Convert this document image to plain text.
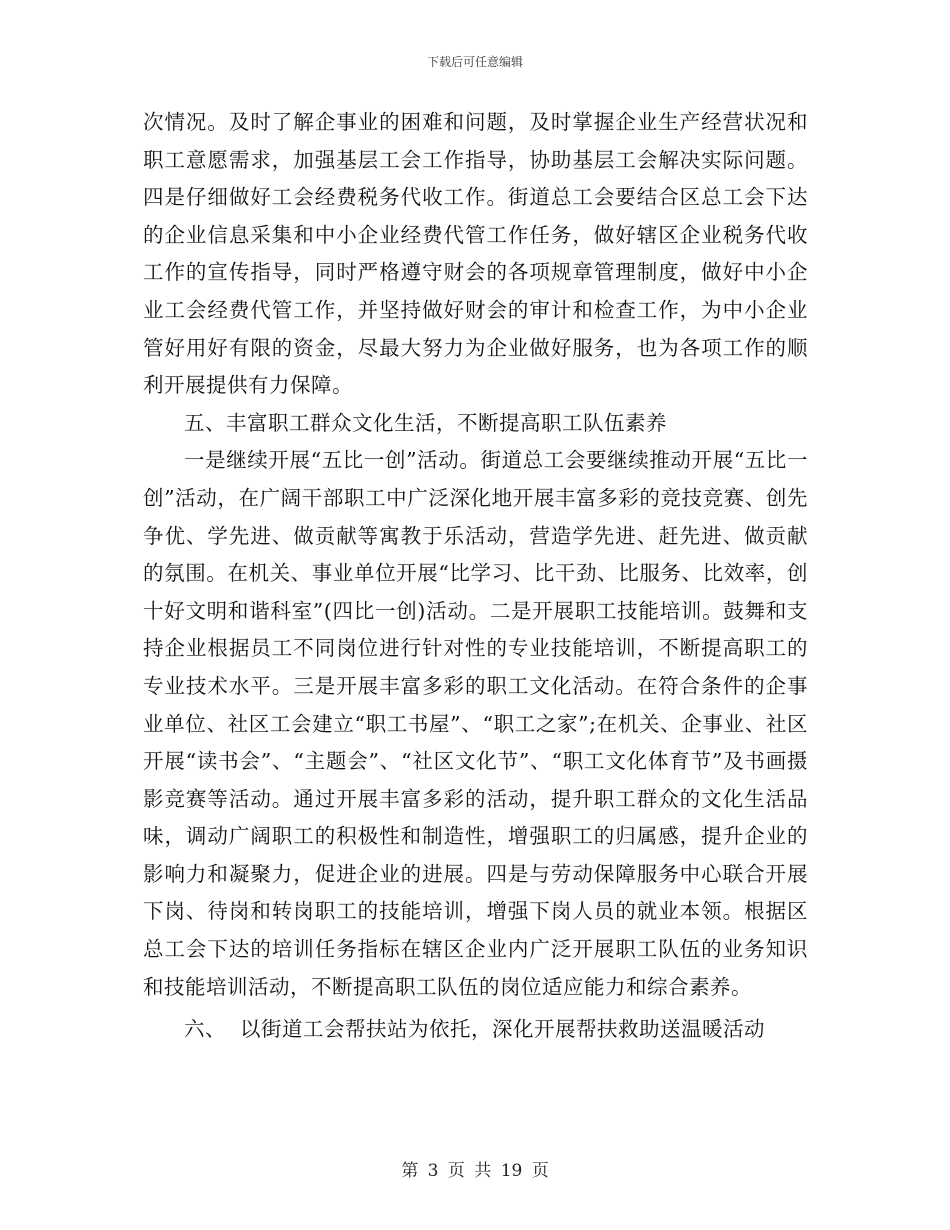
下载后可任意编辑

次情况。及时了解企事业的困难和问题，及时掌握企业生产经营状况和职工意愿需求，加强基层工会工作指导，协助基层工会解决实际问题。四是仔细做好工会经费税务代收工作。街道总工会要结合区总工会下达的企业信息采集和中小企业经费代管工作任务，做好辖区企业税务代收工作的宣传指导，同时严格遵守财会的各项规章管理制度，做好中小企业工会经费代管工作，并坚持做好财会的审计和检查工作，为中小企业管好用好有限的资金，尽最大努力为企业做好服务，也为各项工作的顺利开展提供有力保障。

五、丰富职工群众文化生活，不断提高职工队伍素养

一是继续开展“五比一创”活动。街道总工会要继续推动开展“五比一创”活动，在广阔干部职工中广泛深化地开展丰富多彩的竞技竞赛、创先争优、学先进、做贡献等寓教于乐活动，营造学先进、赶先进、做贡献的氛围。在机关、事业单位开展“比学习、比干劲、比服务、比效率，创十好文明和谐科室”(四比一创)活动。二是开展职工技能培训。鼓舞和支持企业根据员工不同岗位进行针对性的专业技能培训，不断提高职工的专业技术水平。三是开展丰富多彩的职工文化活动。在符合条件的企事业单位、社区工会建立“职工书屋”、“职工之家”;在机关、企事业、社区开展“读书会”、“主题会”、“社区文化节”、“职工文化体育节”及书画摄影竞赛等活动。通过开展丰富多彩的活动，提升职工群众的文化生活品味，调动广阔职工的积极性和制造性，增强职工的归属感，提升企业的影响力和凝聚力，促进企业的进展。四是与劳动保障服务中心联合开展下岗、待岗和转岗职工的技能培训，增强下岗人员的就业本领。根据区总工会下达的培训任务指标在辖区企业内广泛开展职工队伍的业务知识和技能培训活动，不断提高职工队伍的岗位适应能力和综合素养。

六、  以街道工会帮扶站为依托，深化开展帮扶救助送温暖活动

第 3 页 共 19 页
